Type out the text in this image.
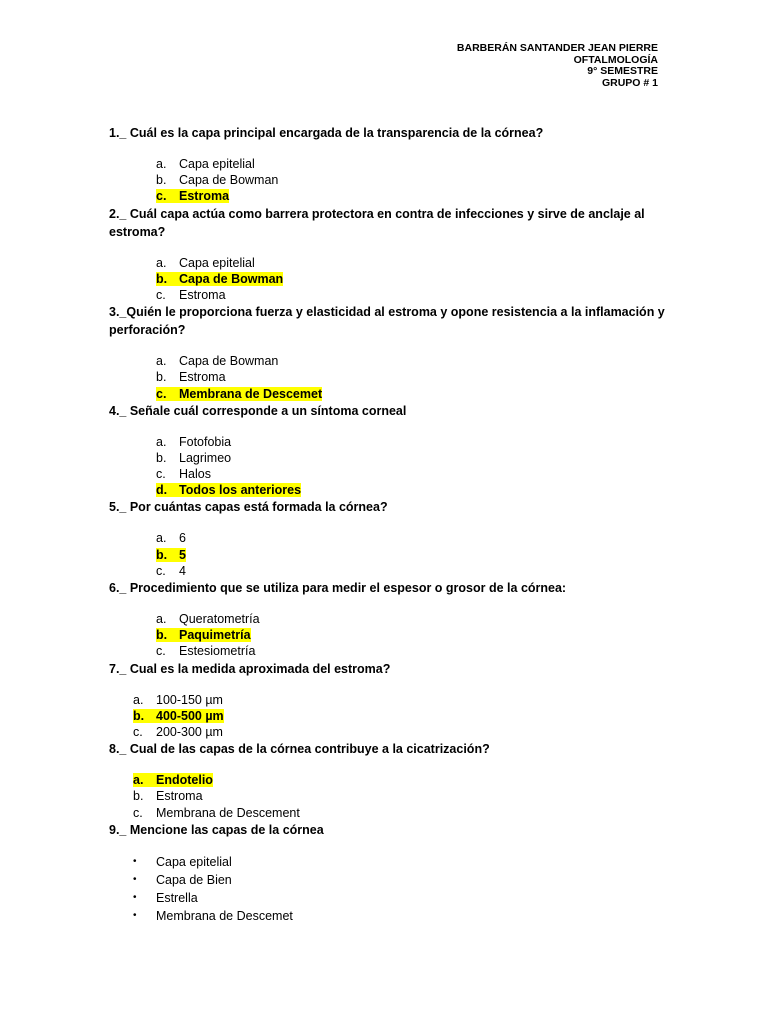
BARBERÁN SANTANDER JEAN PIERRE
OFTALMOLOGÍA
9° SEMESTRE
GRUPO # 1
1._ Cuál es la capa principal encargada de la transparencia de la córnea?
a. Capa epitelial
b. Capa de Bowman
c. Estroma
2._ Cuál capa actúa como barrera protectora en contra de infecciones y sirve de anclaje al estroma?
a. Capa epitelial
b. Capa de Bowman
c. Estroma
3._Quién le proporciona fuerza y elasticidad al estroma y opone resistencia a la inflamación y perforación?
a. Capa de Bowman
b. Estroma
c. Membrana de Descemet
4._ Señale cuál corresponde a un síntoma corneal
a. Fotofobia
b. Lagrimeo
c. Halos
d. Todos los anteriores
5._ Por cuántas capas está formada la córnea?
a. 6
b. 5
c. 4
6._ Procedimiento que se utiliza para medir el espesor o grosor de la córnea:
a. Queratometría
b. Paquimetría
c. Estesiometría
7._ Cual es la medida aproximada del estroma?
a. 100-150 µm
b. 400-500 µm
c. 200-300 µm
8._ Cual de las capas de la córnea contribuye a la cicatrización?
a. Endotelio
b. Estroma
c. Membrana de Descement
9._ Mencione las capas de la córnea
• Capa epitelial
• Capa de Bien
• Estrella
• Membrana de Descemet
